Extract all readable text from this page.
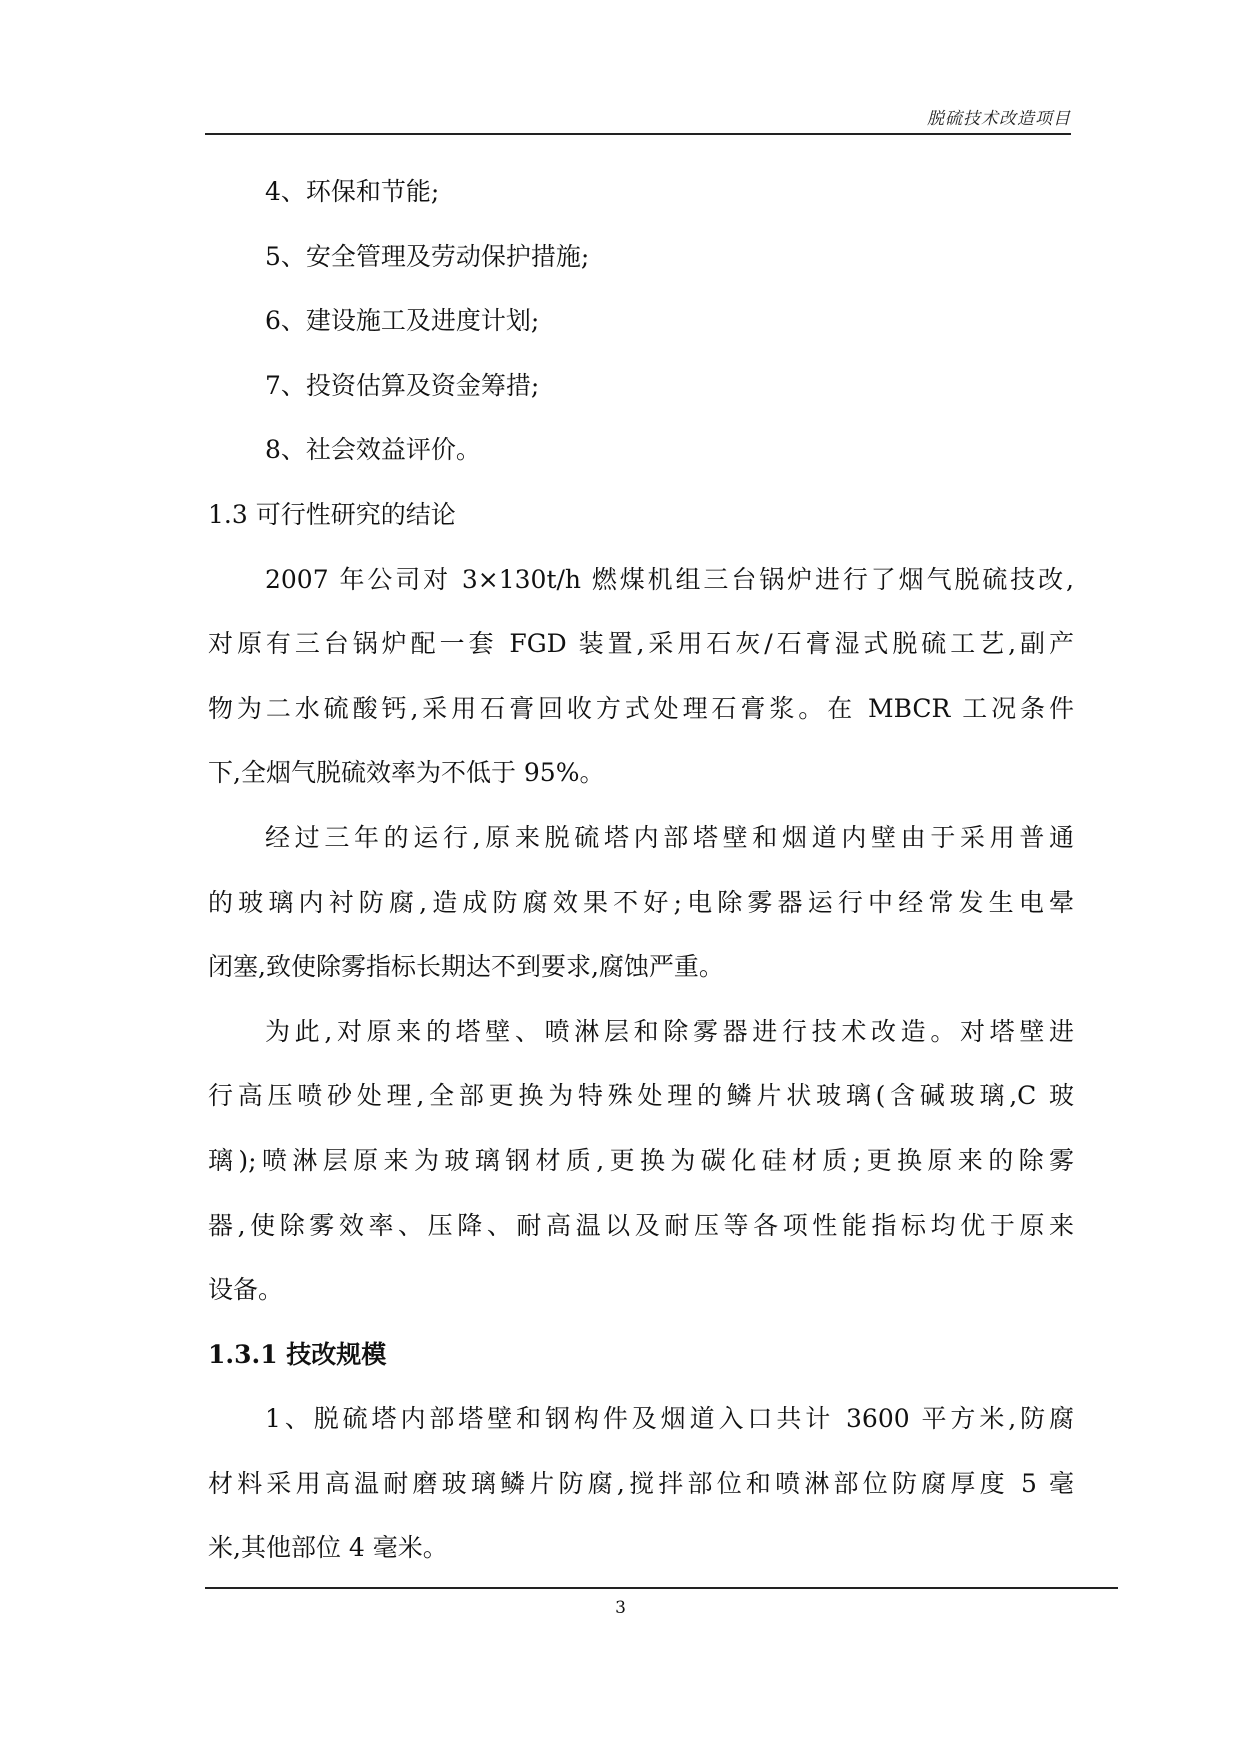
脱硫技术改造项目
4、环保和节能;
5、安全管理及劳动保护措施;
6、建设施工及进度计划;
7、投资估算及资金筹措;
8、社会效益评价。
1.3 可行性研究的结论
2007 年公司对 3×130t/h 燃煤机组三台锅炉进行了烟气脱硫技改,
对原有三台锅炉配一套 FGD 装置,采用石灰/石膏湿式脱硫工艺,副产
物为二水硫酸钙,采用石膏回收方式处理石膏浆。在 MBCR 工况条件
下,全烟气脱硫效率为不低于 95%。
经过三年的运行,原来脱硫塔内部塔壁和烟道内壁由于采用普通
的玻璃内衬防腐,造成防腐效果不好;电除雾器运行中经常发生电晕
闭塞,致使除雾指标长期达不到要求,腐蚀严重。
为此,对原来的塔壁、喷淋层和除雾器进行技术改造。对塔壁进
行高压喷砂处理,全部更换为特殊处理的鳞片状玻璃(含碱玻璃,C 玻
璃);喷淋层原来为玻璃钢材质,更换为碳化硅材质;更换原来的除雾
器,使除雾效率、压降、耐高温以及耐压等各项性能指标均优于原来
设备。
1.3.1 技改规模
1、脱硫塔内部塔壁和钢构件及烟道入口共计 3600 平方米,防腐
材料采用高温耐磨玻璃鳞片防腐,搅拌部位和喷淋部位防腐厚度 5 毫
米,其他部位 4 毫米。
3
